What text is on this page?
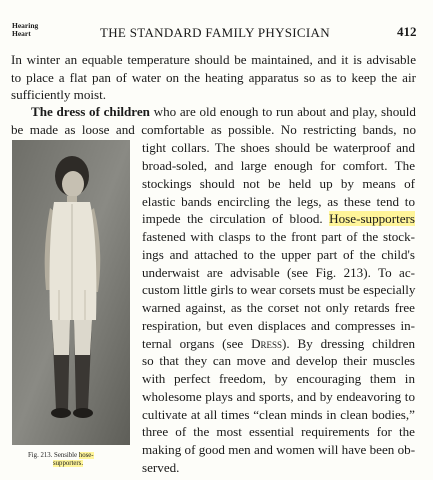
Hearing
Heart	THE STANDARD FAMILY PHYSICIAN	412
In winter an equable temperature should be maintained, and it is advisable
to place a flat pan of water on the heating apparatus so as to keep the air
sufficiently moist.
The dress of children who are old enough to run about and play, should
be made as loose and comfortable as possible. No restricting bands, no
tight collars. The shoes should be waterproof and
broad-soled, and large enough for comfort. The
stockings should not be held up by means of
elastic bands encircling the legs, as these tend to
impede the circulation of blood. Hose-supporters
fastened with clasps to the front part of the stock-
ings and attached to the upper part of the child's
underwaist are advisable (see Fig. 213). To ac-
custom little girls to wear corsets must be especially
warned against, as the corset not only retards free
respiration, but even displaces and compresses in-
ternal organs (see Dress). By dressing children
so that they can move and develop their muscles
with perfect freedom, by encouraging them in
wholesome plays and sports, and by endeavoring to
cultivate at all times “clean minds in clean bodies,”
three of the most essential requirements for the
making of good men and women will have been ob-
served.
Fig. 213. Sensible hose-
supporters.
